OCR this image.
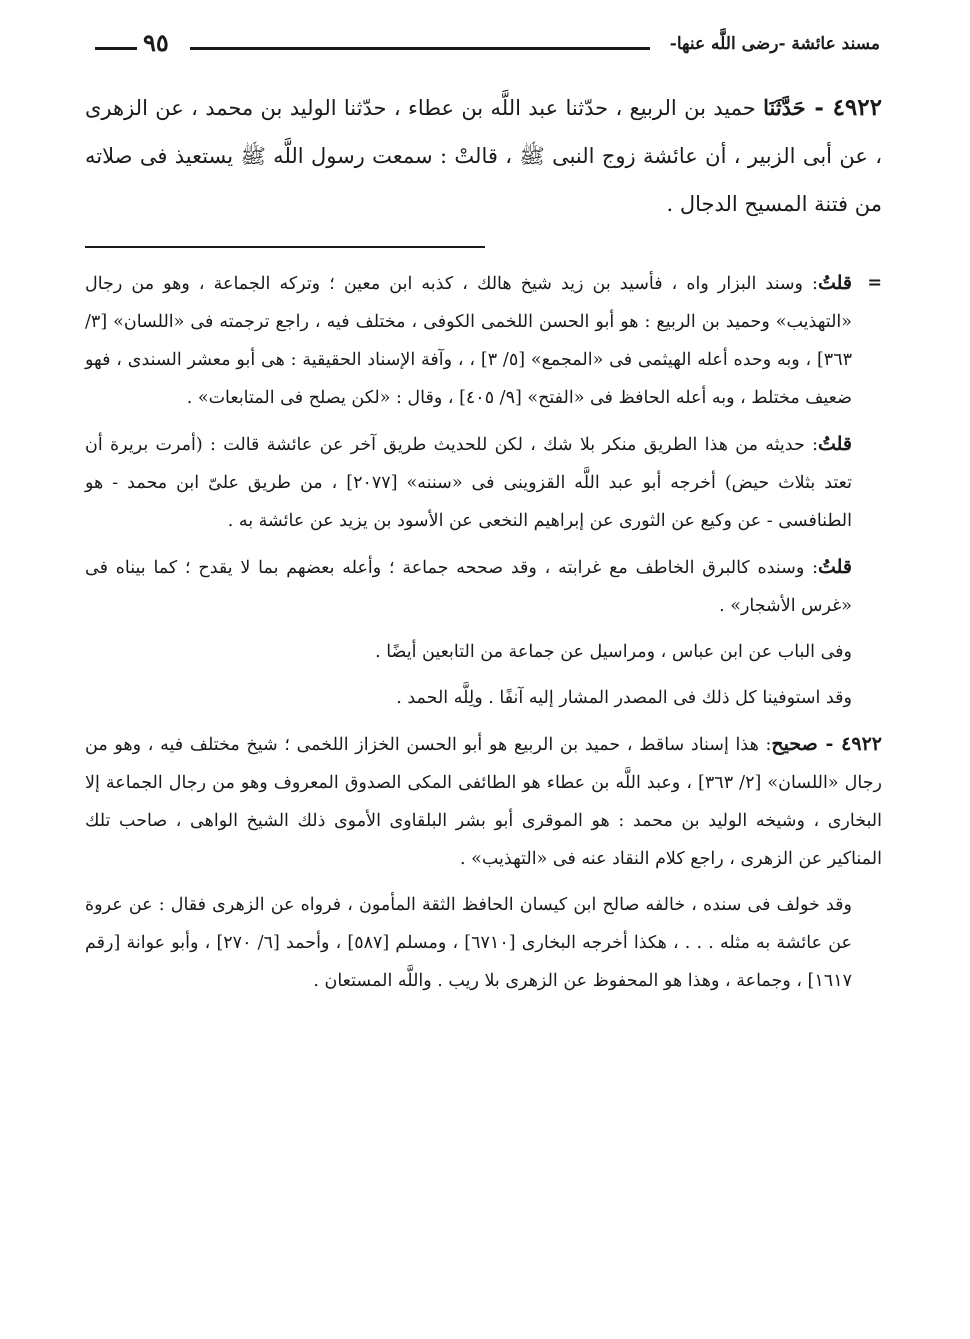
مسند عائشة -رضى اللَّه عنها-
٩٥
٤٩٢٢ - حَدَّثَنَا حميد بن الربيع ، حدّثنا عبد اللَّه بن عطاء ، حدّثنا الوليد بن محمد ، عن الزهرى ، عن أبى الزبير ، أن عائشة زوج النبى ﷺ ، قالتْ : سمعت رسول اللَّه ﷺ يستعيذ فى صلاته من فتنة المسيح الدجال .

=
قلتُ: وسند البزار واه ، فأسيد بن زيد شيخ هالك ، كذبه ابن معين ؛ وتركه الجماعة ، وهو من رجال «التهذيب» وحميد بن الربيع : هو أبو الحسن اللخمى الكوفى ، مختلف فيه ، راجع ترجمته فى «اللسان» [٣/ ٣٦٣] ، وبه وحده أعله الهيثمى فى «المجمع» [٥/ ٣] ، ، وآفة الإسناد الحقيقية : هى أبو معشر السندى ، فهو ضعيف مختلط ، وبه أعله الحافظ فى «الفتح» [٩/ ٤٠٥] ، وقال : «لكن يصلح فى المتابعات» .

قلتُ: حديثه من هذا الطريق منكر بلا شك ، لكن للحديث طريق آخر عن عائشة قالت : (أمرت بريرة أن تعتد بثلاث حيض) أخرجه أبو عبد اللَّه القزوينى فى «سننه» [٢٠٧٧] ، من طريق علىّ ابن محمد - هو الطنافسى - عن وكيع عن الثورى عن إبراهيم النخعى عن الأسود بن يزيد عن عائشة به .

قلتُ: وسنده كالبرق الخاطف مع غرابته ، وقد صححه جماعة ؛ وأعله بعضهم بما لا يقدح ؛ كما بيناه فى «غرس الأشجار» .

وفى الباب عن ابن عباس ، ومراسيل عن جماعة من التابعين أيضًا .

وقد استوفينا كل ذلك فى المصدر المشار إليه آنفًا . ولِلَّه الحمد .

٤٩٢٢ - صحيح: هذا إسناد ساقط ، حميد بن الربيع هو أبو الحسن الخزاز اللخمى ؛ شيخ مختلف فيه ، وهو من رجال «اللسان» [٢/ ٣٦٣] ، وعبد اللَّه بن عطاء هو الطائفى المكى الصدوق المعروف وهو من رجال الجماعة إلا البخارى ، وشيخه الوليد بن محمد : هو الموقرى أبو بشر البلقاوى الأموى ذلك الشيخ الواهى ، صاحب تلك المناكير عن الزهرى ، راجع كلام النقاد عنه فى «التهذيب» .

وقد خولف فى سنده ، خالفه صالح ابن كيسان الحافظ الثقة المأمون ، فرواه عن الزهرى فقال : عن عروة عن عائشة به مثله . . . ، هكذا أخرجه البخارى [٦٧١٠] ، ومسلم [٥٨٧] ، وأحمد [٦/ ٢٧٠] ، وأبو عوانة [رقم ١٦١٧] ، وجماعة ، وهذا هو المحفوظ عن الزهرى بلا ريب . واللَّه المستعان .
